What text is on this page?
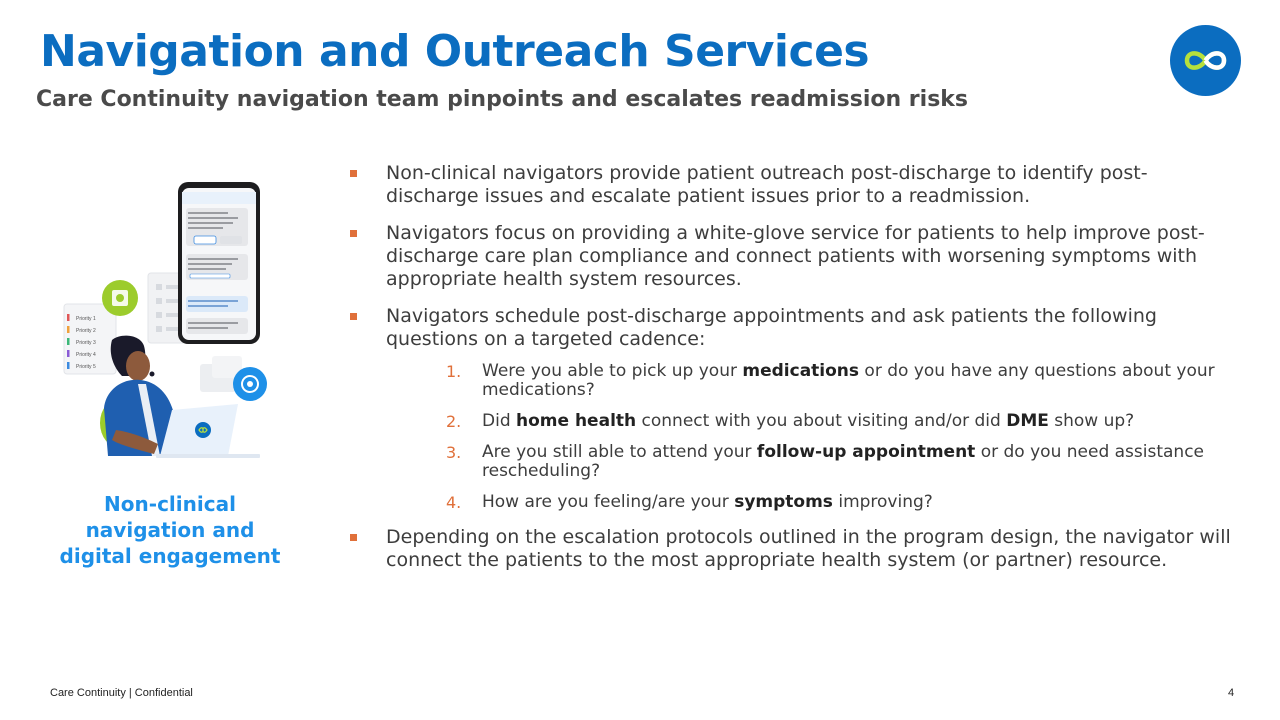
Navigation and Outreach Services
Care Continuity navigation team pinpoints and escalates readmission risks
Priority 1
Priority 2
Priority 3
Priority 4
Priority 5
Non-clinical
navigation and
digital engagement
Non-clinical navigators provide patient outreach post-discharge to identify post-discharge issues and escalate patient issues prior to a readmission.
Navigators focus on providing a white-glove service for patients to help improve post-discharge care plan compliance and connect patients with worsening symptoms with appropriate health system resources.
Navigators schedule post-discharge appointments and ask patients the following questions on a targeted cadence:
1. Were you able to pick up your medications or do you have any questions about your medications?
2. Did home health connect with you about visiting and/or did DME show up?
3. Are you still able to attend your follow-up appointment or do you need assistance rescheduling?
4. How are you feeling/are your symptoms improving?
Depending on the escalation protocols outlined in the program design, the navigator will connect the patients to the most appropriate health system (or partner) resource.
Care Continuity | Confidential	4
